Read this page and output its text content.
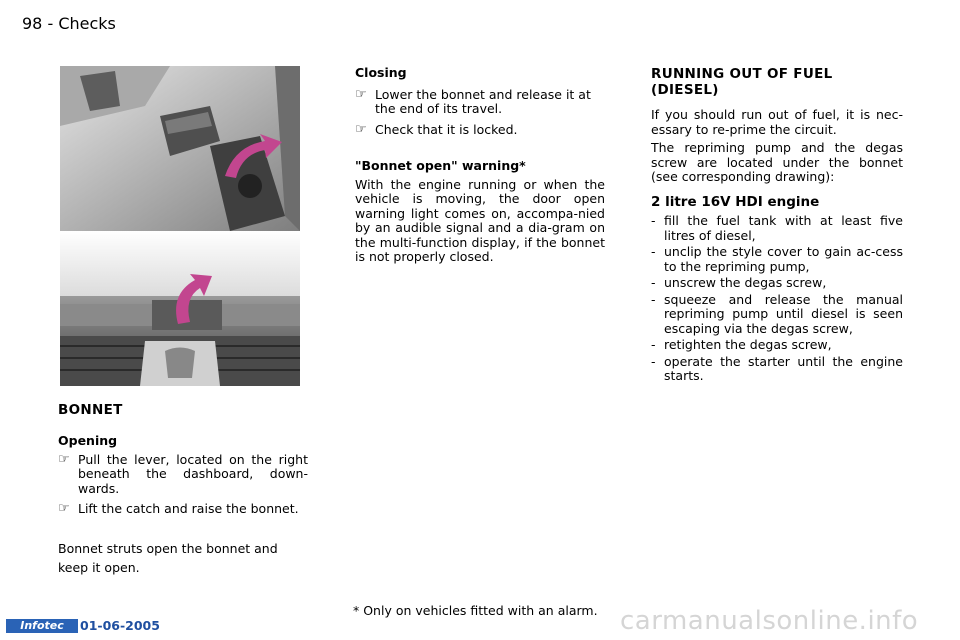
98 - Checks
BONNET
Opening
☞ Pull the lever, located on the right beneath the dashboard, down-wards.
☞ Lift the catch and raise the bonnet.
Bonnet struts open the bonnet and keep it open.
Closing
☞ Lower the bonnet and release it at the end of its travel.
☞ Check that it is locked.
"Bonnet open" warning*
With the engine running or when the vehicle is moving, the door open warning light comes on, accompa-nied by an audible signal and a dia-gram on the multi-function display, if the bonnet is not properly closed.
* Only on vehicles fitted with an alarm.
RUNNING OUT OF FUEL (DIESEL)
If you should run out of fuel, it is nec-essary to re-prime the circuit.
The repriming pump and the degas screw are located under the bonnet (see corresponding drawing):
2 litre 16V HDI engine
- fill the fuel tank with at least five litres of diesel,
- unclip the style cover to gain ac-cess to the repriming pump,
- unscrew the degas screw,
- squeeze and release the manual repriming pump until diesel is seen escaping via the degas screw,
- retighten the degas screw,
- operate the starter until the engine starts.
Infotec	01-06-2005	carmanualsonline.info
